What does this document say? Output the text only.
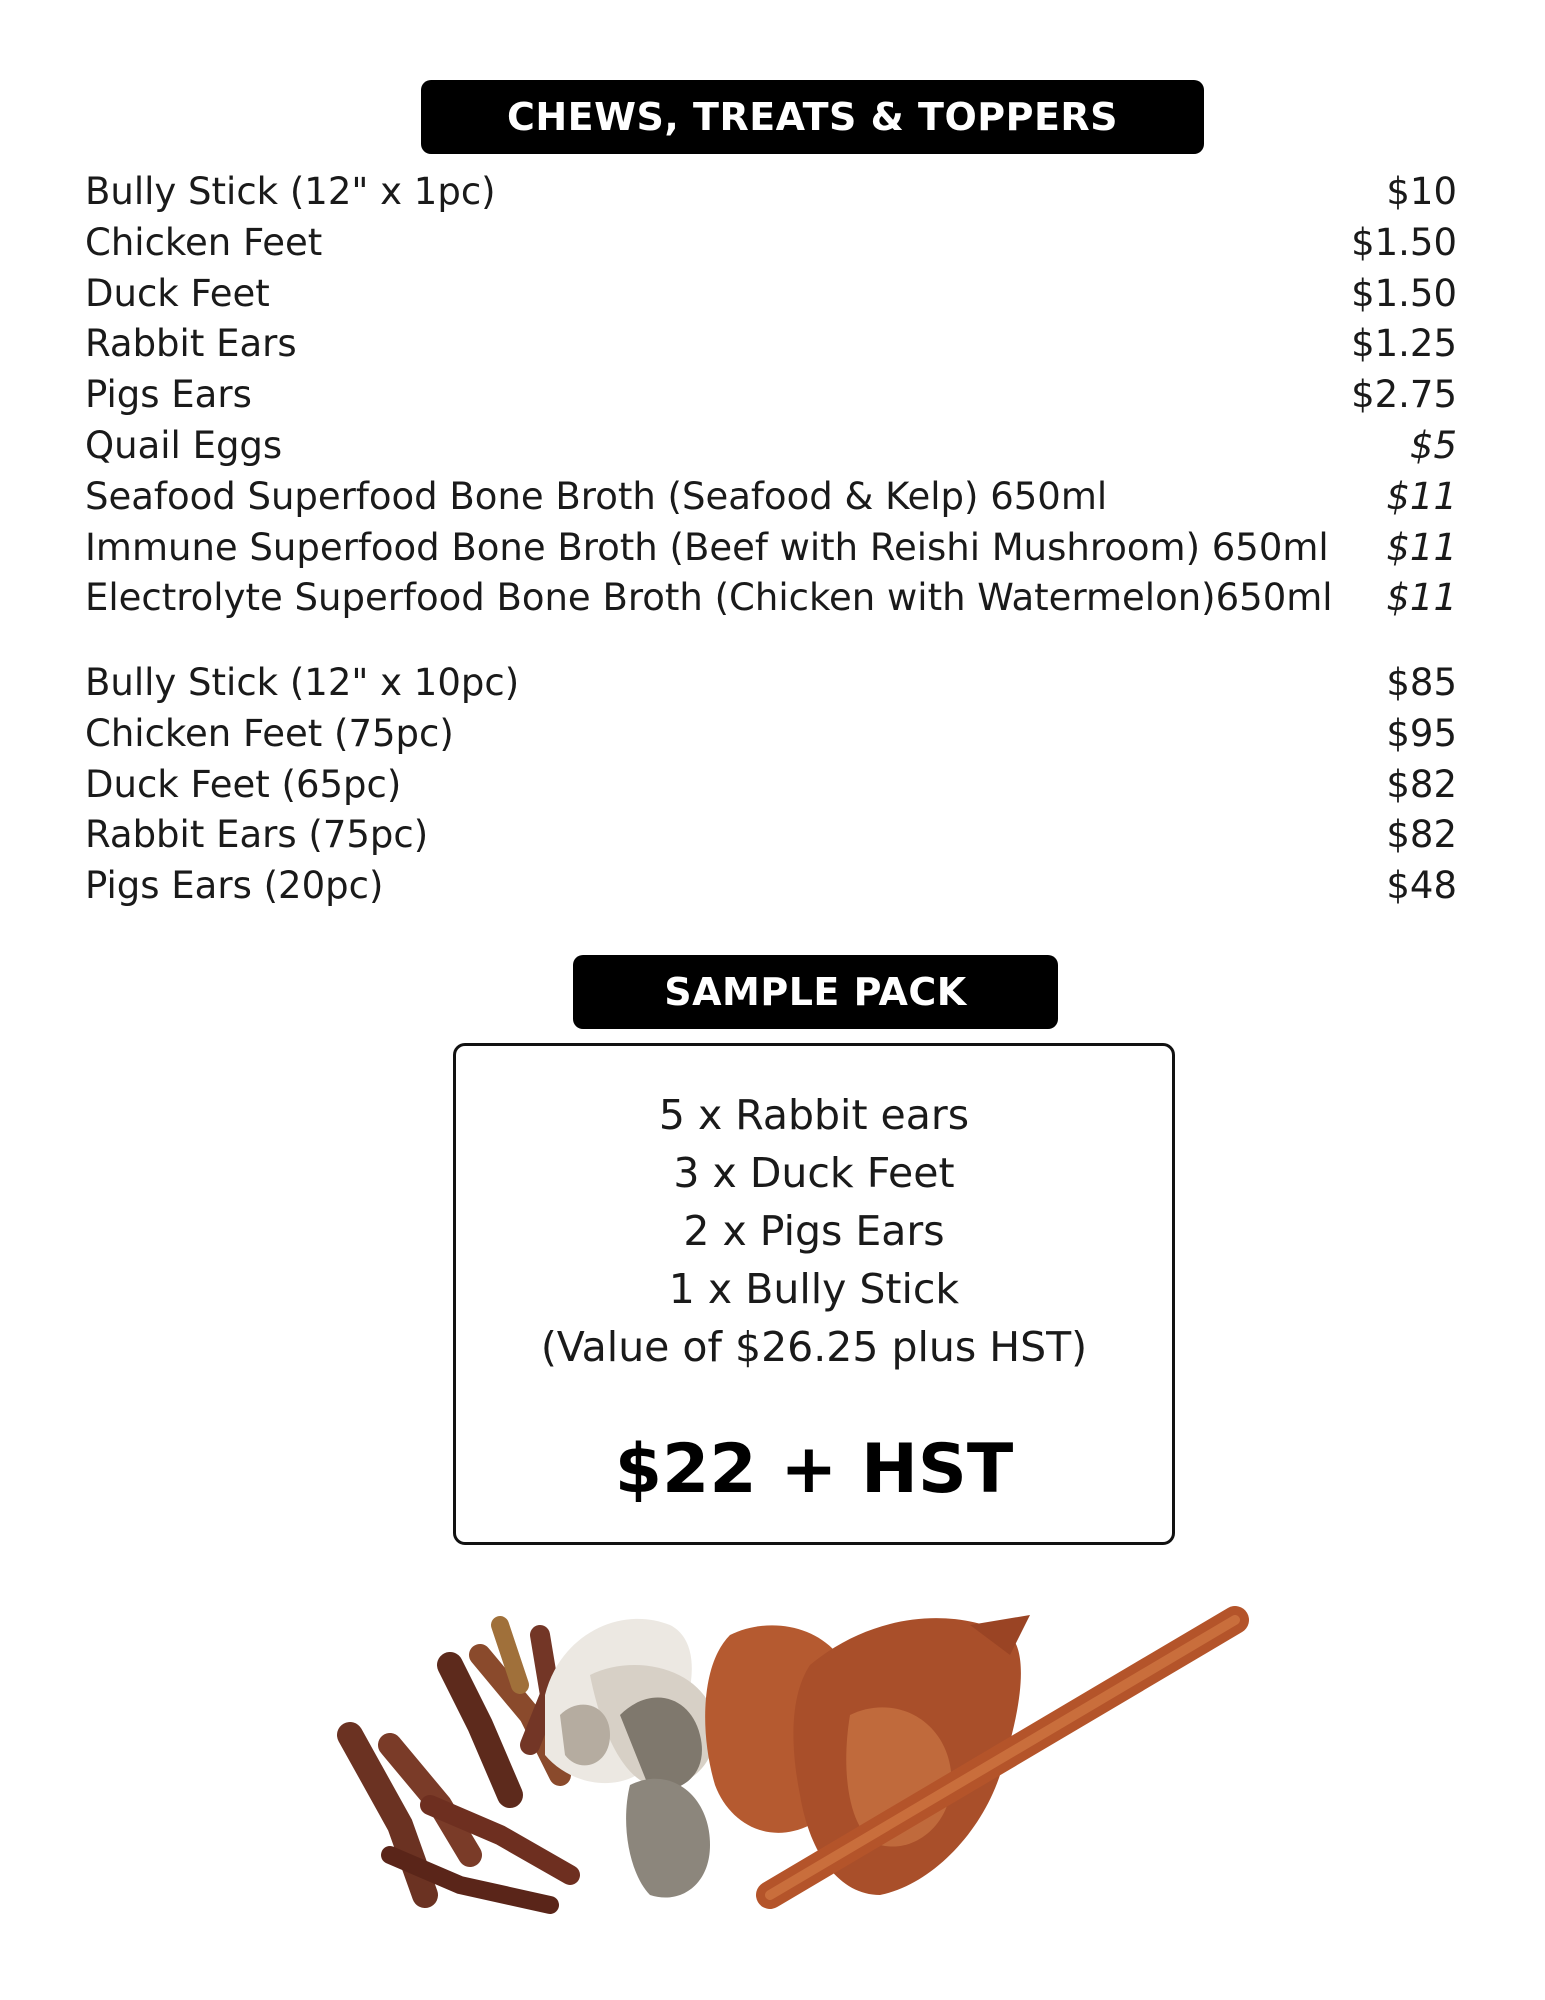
CHEWS, TREATS & TOPPERS
Bully Stick (12" x 1pc)	$10
Chicken Feet	$1.50
Duck Feet	$1.50
Rabbit Ears	$1.25
Pigs Ears	$2.75
Quail Eggs	$5
Seafood Superfood Bone Broth (Seafood & Kelp) 650ml	$11
Immune Superfood Bone Broth (Beef with Reishi Mushroom) 650ml $11
Electrolyte Superfood Bone Broth (Chicken with Watermelon)650ml $11
Bully Stick (12" x 10pc)	$85
Chicken Feet (75pc)	$95
Duck Feet (65pc)	$82
Rabbit Ears (75pc)	$82
Pigs Ears (20pc)	$48
SAMPLE PACK
5 x Rabbit ears
3 x Duck Feet
2 x Pigs Ears
1 x Bully Stick
(Value of $26.25 plus HST)
$22 + HST
